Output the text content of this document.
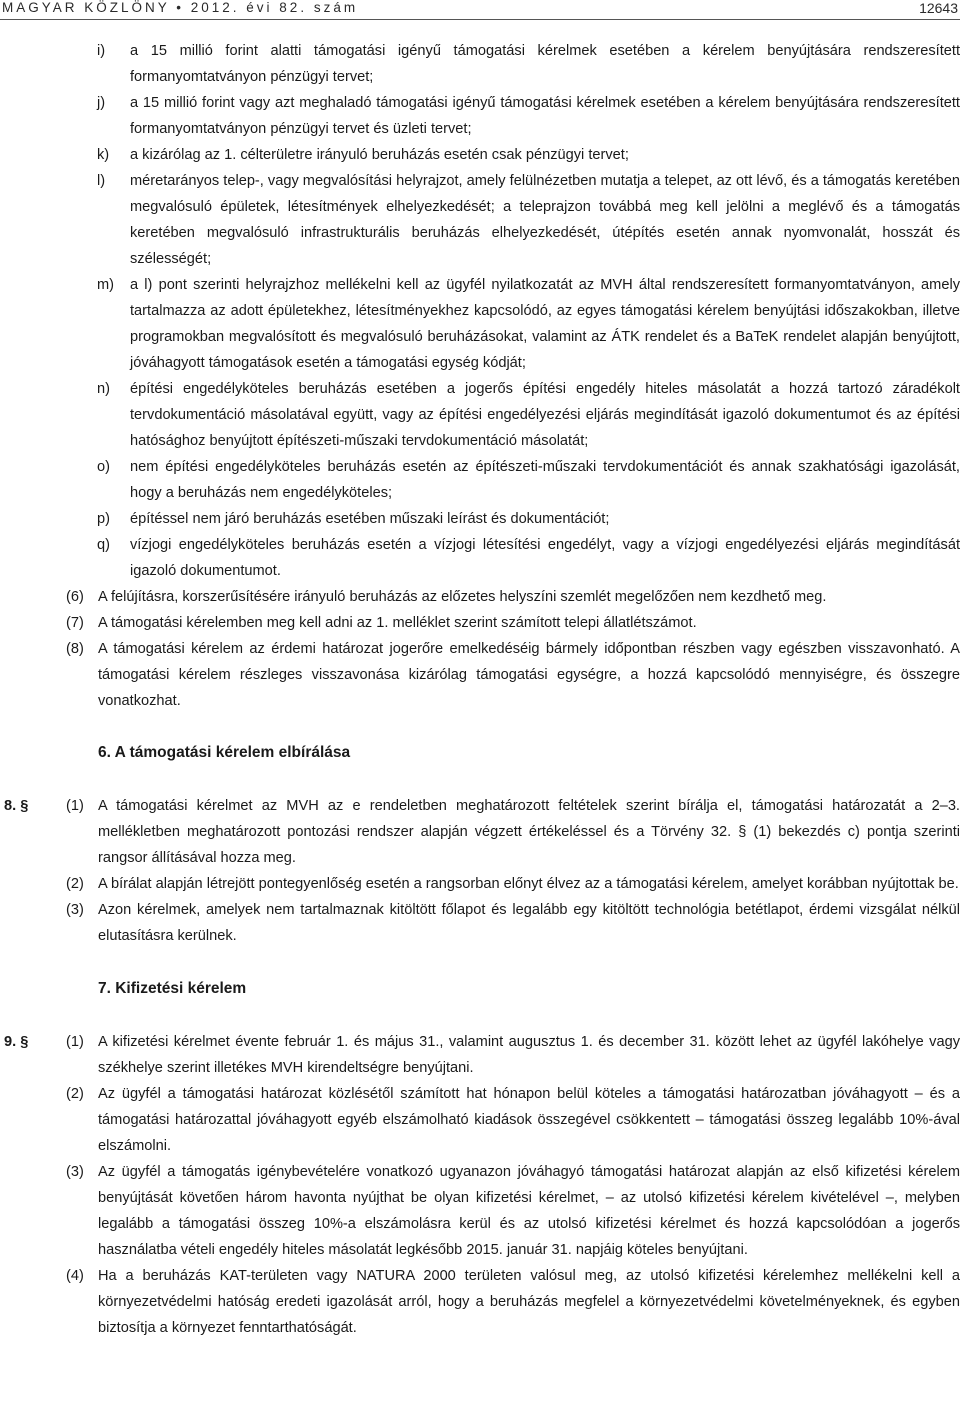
MAGYAR KÖZLÖNY • 2012. évi 82. szám	12643
i) a 15 millió forint alatti támogatási igényű támogatási kérelmek esetében a kérelem benyújtására rendszeresített formanyomtatványon pénzügyi tervet;
j) a 15 millió forint vagy azt meghaladó támogatási igényű támogatási kérelmek esetében a kérelem benyújtására rendszeresített formanyomtatványon pénzügyi tervet és üzleti tervet;
k) a kizárólag az 1. célterületre irányuló beruházás esetén csak pénzügyi tervet;
l) méretarányos telep-, vagy megvalósítási helyrajzot, amely felülnézetben mutatja a telepet, az ott lévő, és a támogatás keretében megvalósuló épületek, létesítmények elhelyezkedését; a teleprajzon továbbá meg kell jelölni a meglévő és a támogatás keretében megvalósuló infrastrukturális beruházás elhelyezkedését, útépítés esetén annak nyomvonalát, hosszát és szélességét;
m) a l) pont szerinti helyrajzhoz mellékelni kell az ügyfél nyilatkozatát az MVH által rendszeresített formanyomtatványon, amely tartalmazza az adott épületekhez, létesítményekhez kapcsolódó, az egyes támogatási kérelem benyújtási időszakokban, illetve programokban megvalósított és megvalósuló beruházásokat, valamint az ÁTK rendelet és a BaTeK rendelet alapján benyújtott, jóváhagyott támogatások esetén a támogatási egység kódját;
n) építési engedélyköteles beruházás esetében a jogerős építési engedély hiteles másolatát a hozzá tartozó záradékolt tervdokumentáció másolatával együtt, vagy az építési engedélyezési eljárás megindítását igazoló dokumentumot és az építési hatósághoz benyújtott építészeti-műszaki tervdokumentáció másolatát;
o) nem építési engedélyköteles beruházás esetén az építészeti-műszaki tervdokumentációt és annak szakhatósági igazolását, hogy a beruházás nem engedélyköteles;
p) építéssel nem járó beruházás esetében műszaki leírást és dokumentációt;
q) vízjogi engedélyköteles beruházás esetén a vízjogi létesítési engedélyt, vagy a vízjogi engedélyezési eljárás megindítását igazoló dokumentumot.
(6) A felújításra, korszerűsítésére irányuló beruházás az előzetes helyszíni szemlét megelőzően nem kezdhető meg.
(7) A támogatási kérelemben meg kell adni az 1. melléklet szerint számított telepi állatlétszámot.
(8) A támogatási kérelem az érdemi határozat jogerőre emelkedéséig bármely időpontban részben vagy egészben visszavonható. A támogatási kérelem részleges visszavonása kizárólag támogatási egységre, a hozzá kapcsolódó mennyiségre, és összegre vonatkozhat.
6. A támogatási kérelem elbírálása
8. §	(1) A támogatási kérelmet az MVH az e rendeletben meghatározott feltételek szerint bírálja el, támogatási határozatát a 2–3. mellékletben meghatározott pontozási rendszer alapján végzett értékeléssel és a Törvény 32. § (1) bekezdés c) pontja szerinti rangsor állításával hozza meg.
(2) A bírálat alapján létrejött pontegyenlőség esetén a rangsorban előnyt élvez az a támogatási kérelem, amelyet korábban nyújtottak be.
(3) Azon kérelmek, amelyek nem tartalmaznak kitöltött főlapot és legalább egy kitöltött technológia betétlapot, érdemi vizsgálat nélkül elutasításra kerülnek.
7. Kifizetési kérelem
9. §	(1) A kifizetési kérelmet évente február 1. és május 31., valamint augusztus 1. és december 31. között lehet az ügyfél lakóhelye vagy székhelye szerint illetékes MVH kirendeltségre benyújtani.
(2) Az ügyfél a támogatási határozat közlésétől számított hat hónapon belül köteles a támogatási határozatban jóváhagyott – és a támogatási határozattal jóváhagyott egyéb elszámolható kiadások összegével csökkentett – támogatási összeg legalább 10%-ával elszámolni.
(3) Az ügyfél a támogatás igénybevételére vonatkozó ugyanazon jóváhagyó támogatási határozat alapján az első kifizetési kérelem benyújtását követően három havonta nyújthat be olyan kifizetési kérelmet, – az utolsó kifizetési kérelem kivételével –, melyben legalább a támogatási összeg 10%-a elszámolásra kerül és az utolsó kifizetési kérelmet és hozzá kapcsolódóan a jogerős használatba vételi engedély hiteles másolatát legkésőbb 2015. január 31. napjáig köteles benyújtani.
(4) Ha a beruházás KAT-területen vagy NATURA 2000 területen valósul meg, az utolsó kifizetési kérelemhez mellékelni kell a környezetvédelmi hatóság eredeti igazolását arról, hogy a beruházás megfelel a környezetvédelmi követelményeknek, és egyben biztosítja a környezet fenntarthatóságát.
